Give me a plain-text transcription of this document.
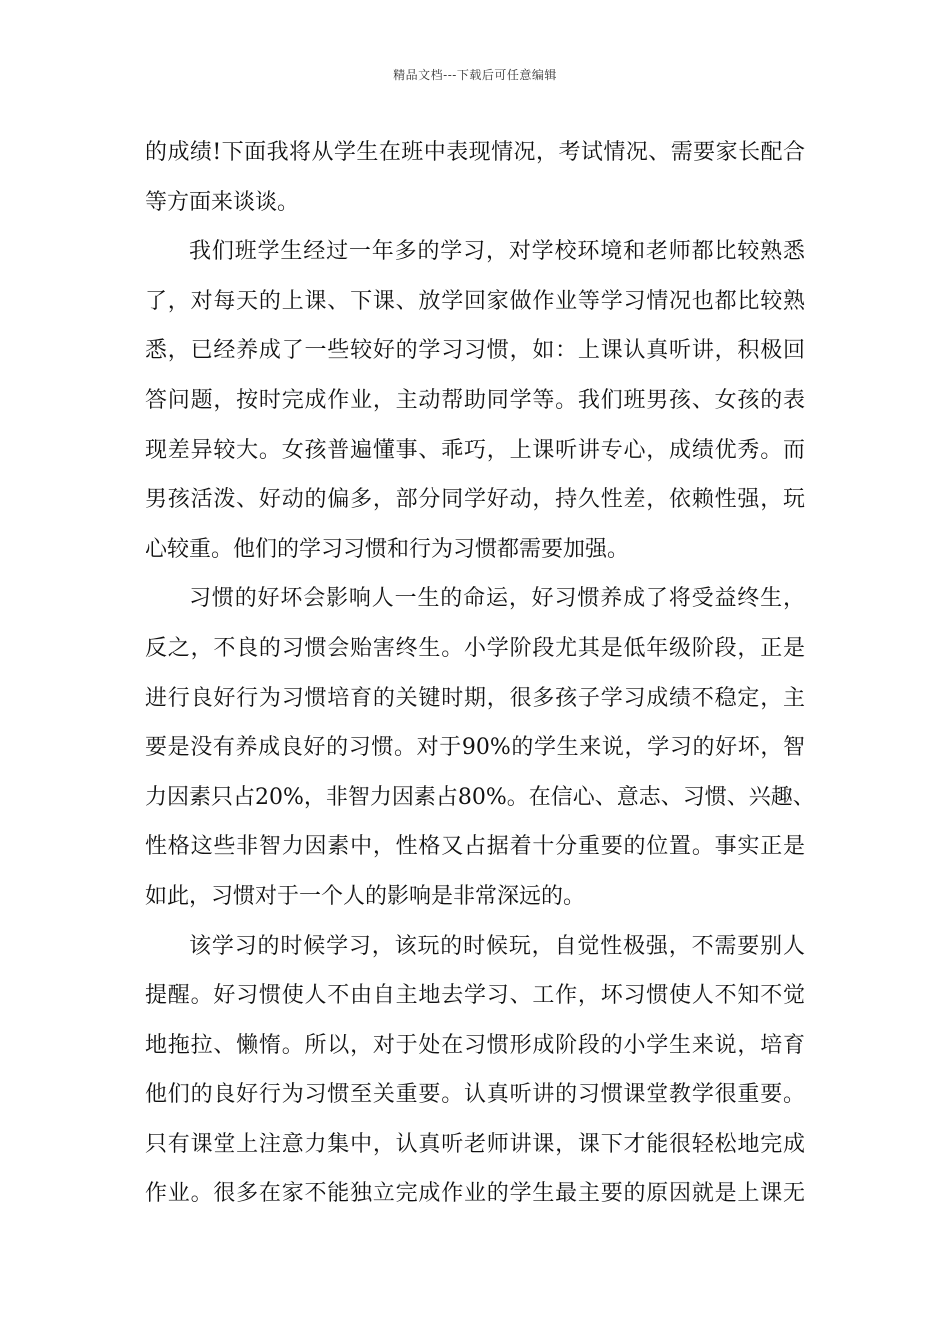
精品文档---下载后可任意编辑
的成绩!下面我将从学生在班中表现情况，考试情况、需要家长配合
等方面来谈谈。
我们班学生经过一年多的学习，对学校环境和老师都比较熟悉
了，对每天的上课、下课、放学回家做作业等学习情况也都比较熟
悉，已经养成了一些较好的学习习惯，如：上课认真听讲，积极回
答问题，按时完成作业，主动帮助同学等。我们班男孩、女孩的表
现差异较大。女孩普遍懂事、乖巧，上课听讲专心，成绩优秀。而
男孩活泼、好动的偏多，部分同学好动，持久性差，依赖性强，玩
心较重。他们的学习习惯和行为习惯都需要加强。
习惯的好坏会影响人一生的命运，好习惯养成了将受益终生，
反之，不良的习惯会贻害终生。小学阶段尤其是低年级阶段，正是
进行良好行为习惯培育的关键时期，很多孩子学习成绩不稳定，主
要是没有养成良好的习惯。对于90%的学生来说，学习的好坏，智
力因素只占20%，非智力因素占80%。在信心、意志、习惯、兴趣、
性格这些非智力因素中，性格又占据着十分重要的位置。事实正是
如此，习惯对于一个人的影响是非常深远的。
该学习的时候学习，该玩的时候玩，自觉性极强，不需要别人
提醒。好习惯使人不由自主地去学习、工作，坏习惯使人不知不觉
地拖拉、懒惰。所以，对于处在习惯形成阶段的小学生来说，培育
他们的良好行为习惯至关重要。认真听讲的习惯课堂教学很重要。
只有课堂上注意力集中，认真听老师讲课，课下才能很轻松地完成
作业。很多在家不能独立完成作业的学生最主要的原因就是上课无
